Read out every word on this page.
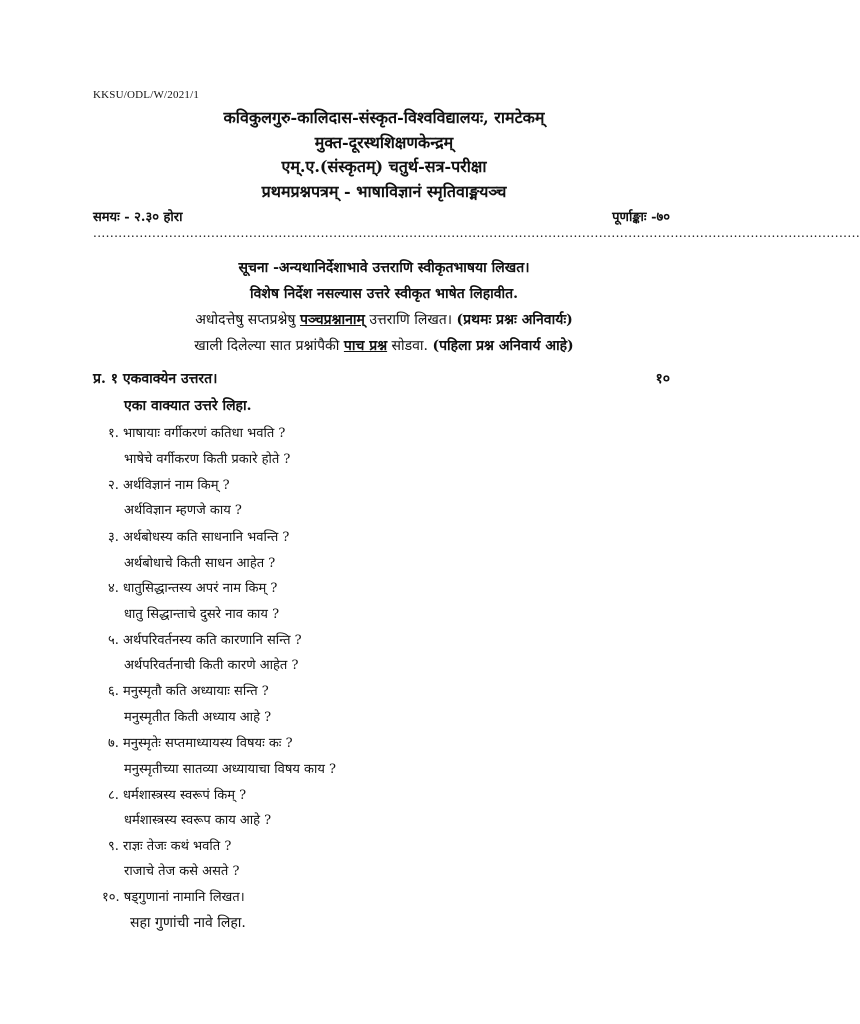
KKSU/ODL/W/2021/1
कविकुलगुरु-कालिदास-संस्कृत-विश्वविद्यालयः, रामटेकम्
मुक्त-दूरस्थशिक्षणकेन्द्रम्
एम्.ए.(संस्कृतम्) चतुर्थ-सत्र-परीक्षा
प्रथमप्रश्नपत्रम् - भाषाविज्ञानं स्मृतिवाङ्मयञ्च
समयः - २.३० होरा	पूर्णाङ्काः -७०
......................................................................................................................................................................................
सूचना -अन्यथानिर्देशाभावे उत्तराणि स्वीकृतभाषया लिखत।
विशेष निर्देश नसल्यास उत्तरे स्वीकृत भाषेत लिहावीत.
अधोदत्तेषु सप्तप्रश्नेषु पञ्चप्रश्नानाम् उत्तराणि लिखत। (प्रथमः प्रश्नः अनिवार्यः)
खाली दिलेल्या सात प्रश्नांपैकी पाच प्रश्न सोडवा. (पहिला प्रश्न अनिवार्य आहे)
प्र. १ एकवाक्येन उत्तरत।	१०
एका वाक्यात उत्तरे लिहा.
१. भाषायाः वर्गीकरणं कतिधा भवति ?
भाषेचे वर्गीकरण किती प्रकारे होते ?
२. अर्थविज्ञानं नाम किम् ?
अर्थविज्ञान म्हणजे काय ?
३. अर्थबोधस्य कति साधनानि भवन्ति ?
अर्थबोधाचे किती साधन आहेत ?
४. धातुसिद्धान्तस्य अपरं नाम किम् ?
धातु सिद्धान्ताचे दुसरे नाव काय ?
५. अर्थपरिवर्तनस्य कति कारणानि सन्ति ?
अर्थपरिवर्तनाची किती कारणे आहेत ?
६. मनुस्मृतौ कति अध्यायाः सन्ति ?
मनुस्मृतीत किती अध्याय आहे ?
७. मनुस्मृतेः सप्तमाध्यायस्य विषयः कः ?
मनुस्मृतीच्या सातव्या अध्यायाचा विषय काय ?
८. धर्मशास्त्रस्य स्वरूपं किम् ?
धर्मशास्त्रस्य स्वरूप काय आहे ?
९. राज्ञः तेजः कथं भवति ?
राजाचे तेज कसे असते ?
१०. षड्गुणानां नामानि लिखत।
सहा गुणांची नावे लिहा.
